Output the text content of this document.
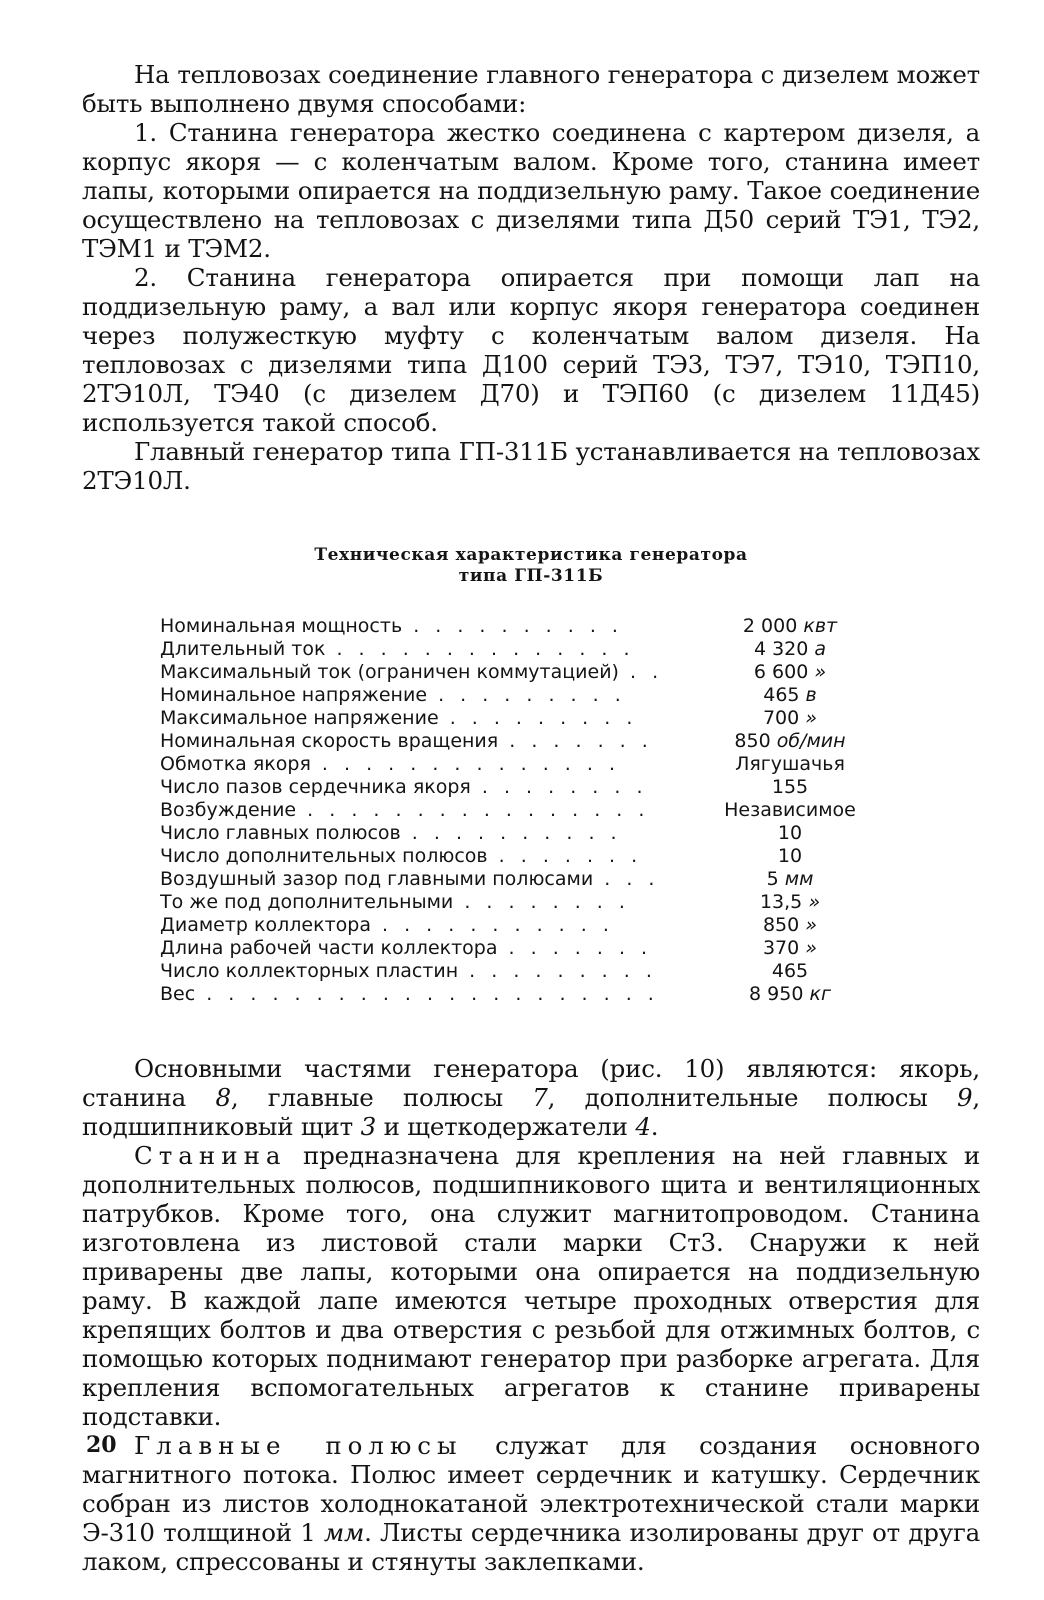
На тепловозах соединение главного генератора с дизелем может быть выполнено двумя способами:

1. Станина генератора жестко соединена с картером дизеля, а корпус якоря — с коленчатым валом. Кроме того, станина имеет лапы, которыми опирается на поддизельную раму. Такое соединение осуществлено на тепловозах с дизелями типа Д50 серий ТЭ1, ТЭ2, ТЭМ1 и ТЭМ2.

2. Станина генератора опирается при помощи лап на поддизельную раму, а вал или корпус якоря генератора соединен через полужесткую муфту с коленчатым валом дизеля. На тепловозах с дизелями типа Д100 серий ТЭ3, ТЭ7, ТЭ10, ТЭП10, 2ТЭ10Л, ТЭ40 (с дизелем Д70) и ТЭП60 (с дизелем 11Д45) используется такой способ.

Главный генератор типа ГП-311Б устанавливается на тепловозах 2ТЭ10Л.

Техническая характеристика генератора
типа ГП-311Б
Номинальная мощность . . . . . . . . . .	2 000 квт
Длительный ток . . . . . . . . . . . . . .	4 320 а
Максимальный ток (ограничен коммутацией) . .	6 600 »
Номинальное напряжение . . . . . . . . .	465 в
Максимальное напряжение . . . . . . . . .	700 »
Номинальная скорость вращения . . . . . . .	850 об/мин
Обмотка якоря . . . . . . . . . . . . . .	Лягушачья
Число пазов сердечника якоря . . . . . . . .	155
Возбуждение . . . . . . . . . . . . . . . .	Независимое
Число главных полюсов . . . . . . . . . .	10
Число дополнительных полюсов . . . . . . .	10
Воздушный зазор под главными полюсами . . .	5 мм
То же под дополнительными . . . . . . . .	13,5 »
Диаметр коллектора . . . . . . . . . . .	850 »
Длина рабочей части коллектора . . . . . . .	370 »
Число коллекторных пластин . . . . . . . . .	465
Вес . . . . . . . . . . . . . . . . . . . . .	8 950 кг

Основными частями генератора (рис. 10) являются: якорь, станина 8, главные полюсы 7, дополнительные полюсы 9, подшипниковый щит 3 и щеткодержатели 4.

Станина предназначена для крепления на ней главных и дополнительных полюсов, подшипникового щита и вентиляционных патрубков. Кроме того, она служит магнитопроводом. Станина изготовлена из листовой стали марки Ст3. Снаружи к ней приварены две лапы, которыми она опирается на поддизельную раму. В каждой лапе имеются четыре проходных отверстия для крепящих болтов и два отверстия с резьбой для отжимных болтов, с помощью которых поднимают генератор при разборке агрегата. Для крепления вспомогательных агрегатов к станине приварены подставки.

Главные полюсы служат для создания основного магнитного потока. Полюс имеет сердечник и катушку. Сердечник собран из листов холоднокатаной электротехнической стали марки Э-310 толщиной 1 мм. Листы сердечника изолированы друг от друга лаком, спрессованы и стянуты заклепками.

20
